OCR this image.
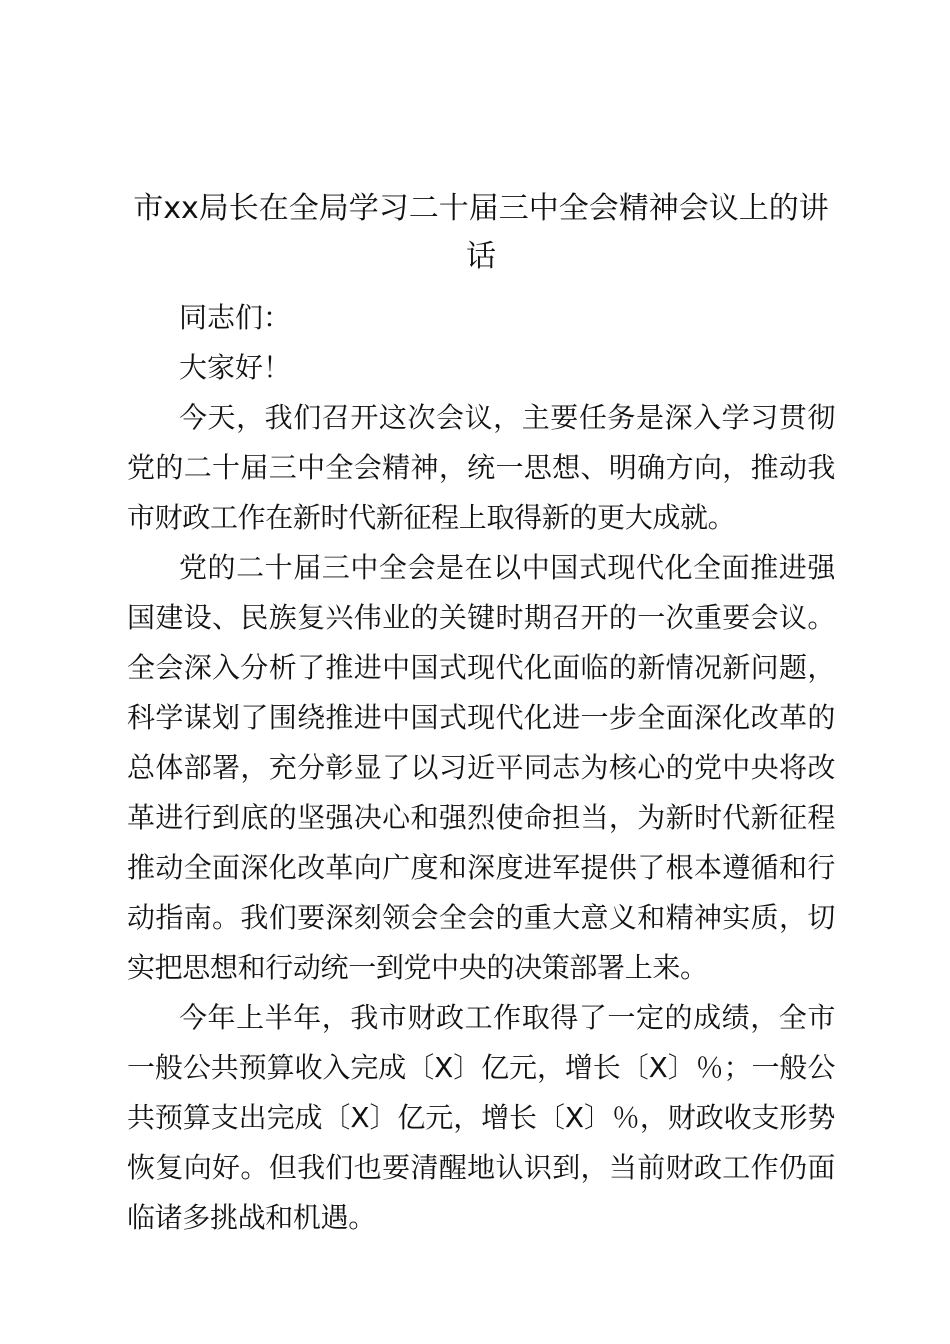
市xx局长在全局学习二十届三中全会精神会议上的讲话

同志们：

大家好！

今天，我们召开这次会议，主要任务是深入学习贯彻党的二十届三中全会精神，统一思想、明确方向，推动我市财政工作在新时代新征程上取得新的更大成就。

党的二十届三中全会是在以中国式现代化全面推进强国建设、民族复兴伟业的关键时期召开的一次重要会议。全会深入分析了推进中国式现代化面临的新情况新问题，科学谋划了围绕推进中国式现代化进一步全面深化改革的总体部署，充分彰显了以习近平同志为核心的党中央将改革进行到底的坚强决心和强烈使命担当，为新时代新征程推动全面深化改革向广度和深度进军提供了根本遵循和行动指南。我们要深刻领会全会的重大意义和精神实质，切实把思想和行动统一到党中央的决策部署上来。

今年上半年，我市财政工作取得了一定的成绩，全市一般公共预算收入完成〔X〕亿元，增长〔X〕％；一般公共预算支出完成〔X〕亿元，增长〔X〕％，财政收支形势恢复向好。但我们也要清醒地认识到，当前财政工作仍面临诸多挑战和机遇。
